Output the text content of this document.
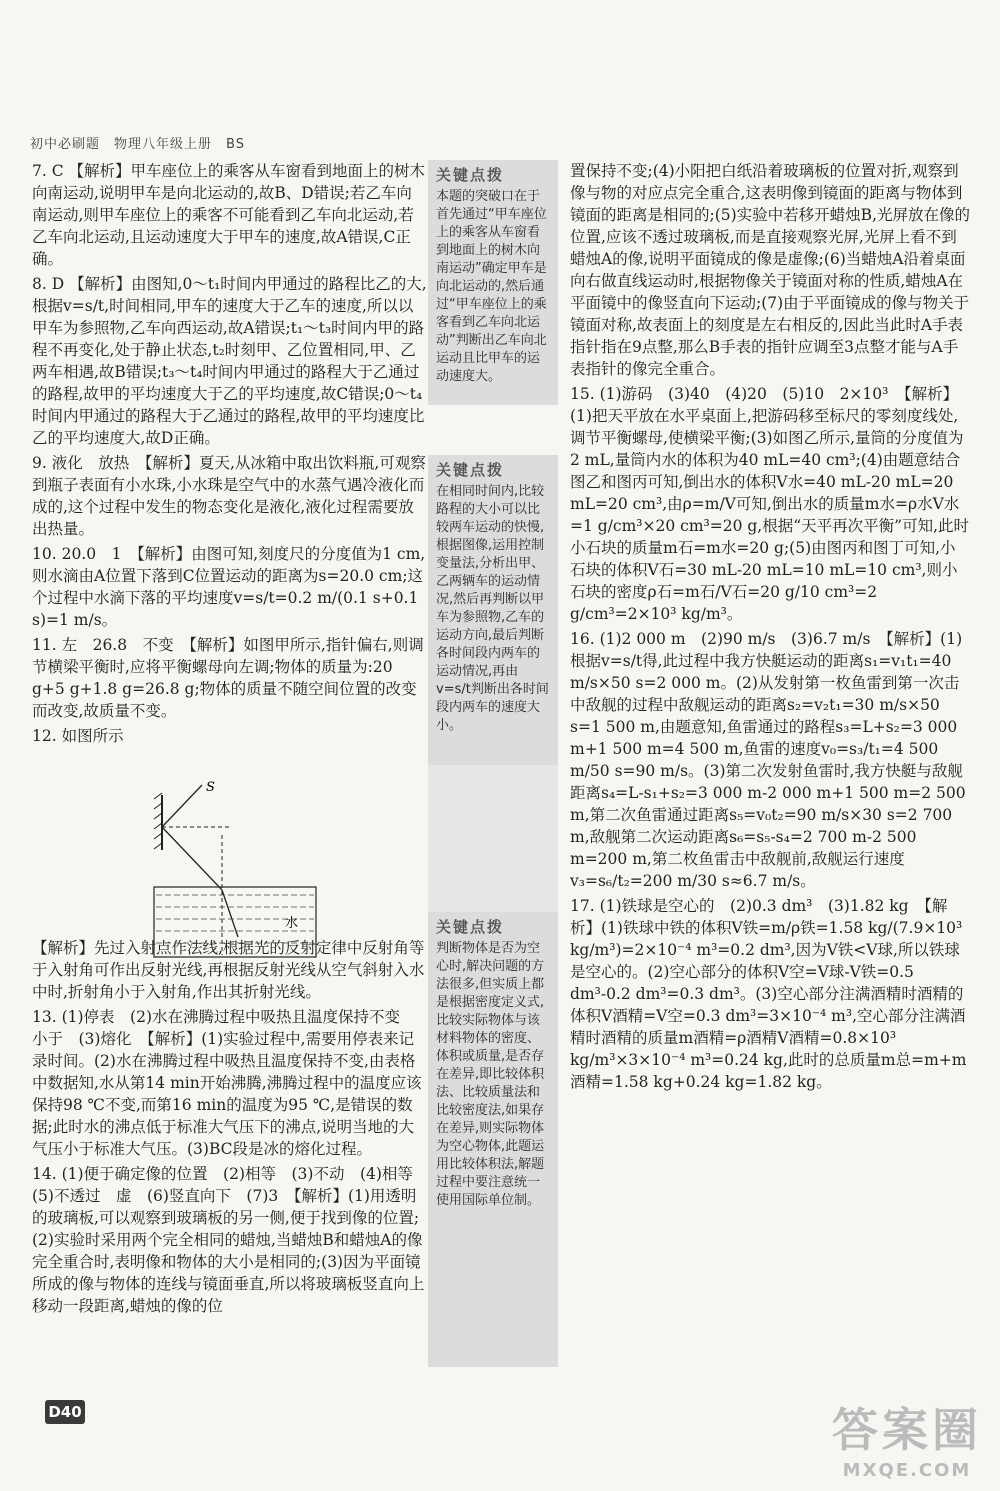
初中必刷题　物理八年级上册　BS

7. C 【解析】甲车座位上的乘客从车窗看到地面上的树木向南运动,说明甲车是向北运动的,故B、D错误;若乙车向南运动,则甲车座位上的乘客不可能看到乙车向北运动,若乙车向北运动,且运动速度大于甲车的速度,故A错误,C正确。

8. D 【解析】由图知,0～t₁时间内甲通过的路程比乙的大,根据v=s/t,时间相同,甲车的速度大于乙车的速度,所以以甲车为参照物,乙车向西运动,故A错误;t₁～t₃时间内甲的路程不再变化,处于静止状态,t₂时刻甲、乙位置相同,甲、乙两车相遇,故B错误;t₃～t₄时间内甲通过的路程大于乙通过的路程,故甲的平均速度大于乙的平均速度,故C错误;0～t₄时间内甲通过的路程大于乙通过的路程,故甲的平均速度比乙的平均速度大,故D正确。

9. 液化　放热　【解析】夏天,从冰箱中取出饮料瓶,可观察到瓶子表面有小水珠,小水珠是空气中的水蒸气遇冷液化而成的,这个过程中发生的物态变化是液化,液化过程需要放出热量。

10. 20.0　1　【解析】由图可知,刻度尺的分度值为1 cm,则水滴由A位置下落到C位置运动的距离为s=20.0 cm;这个过程中水滴下落的平均速度v=s/t=0.2 m/(0.1 s+0.1 s)=1 m/s。

11. 左　26.8　不变　【解析】如图甲所示,指针偏右,则调节横梁平衡时,应将平衡螺母向左调;物体的质量为:20 g+5 g+1.8 g=26.8 g;物体的质量不随空间位置的改变而改变,故质量不变。

12. 如图所示

【解析】先过入射点作法线,根据光的反射定律中反射角等于入射角可作出反射光线,再根据反射光线从空气斜射入水中时,折射角小于入射角,作出其折射光线。

13. (1)停表　(2)水在沸腾过程中吸热且温度保持不变　小于　(3)熔化　【解析】(1)实验过程中,需要用停表来记录时间。(2)水在沸腾过程中吸热且温度保持不变,由表格中数据知,水从第14 min开始沸腾,沸腾过程中的温度应该保持98 ℃不变,而第16 min的温度为95 ℃,是错误的数据;此时水的沸点低于标准大气压下的沸点,说明当地的大气压小于标准大气压。(3)BC段是冰的熔化过程。

14. (1)便于确定像的位置　(2)相等　(3)不动　(4)相等　(5)不透过　虚　(6)竖直向下　(7)3　【解析】(1)用透明的玻璃板,可以观察到玻璃板的另一侧,便于找到像的位置;(2)实验时采用两个完全相同的蜡烛,当蜡烛B和蜡烛A的像完全重合时,表明像和物体的大小是相同的;(3)因为平面镜所成的像与物体的连线与镜面垂直,所以将玻璃板竖直向上移动一段距离,蜡烛的像的位

S
水
关键点拨
本题的突破口在于首先通过“甲车座位上的乘客从车窗看到地面上的树木向南运动”确定甲车是向北运动的,然后通过“甲车座位上的乘客看到乙车向北运动”判断出乙车向北运动且比甲车的运动速度大。
关键点拨
在相同时间内,比较路程的大小可以比较两车运动的快慢,根据图像,运用控制变量法,分析出甲、乙两辆车的运动情况,然后再判断以甲车为参照物,乙车的运动方向,最后判断各时间段内两车的运动情况,再由v=s/t判断出各时间段内两车的速度大小。
关键点拨
判断物体是否为空心时,解决问题的方法很多,但实质上都是根据密度定义式,比较实际物体与该材料物体的密度、体积或质量,是否存在差异,即比较体积法、比较质量法和比较密度法,如果存在差异,则实际物体为空心物体,此题运用比较体积法,解题过程中要注意统一使用国际单位制。

置保持不变;(4)小阳把白纸沿着玻璃板的位置对折,观察到像与物的对应点完全重合,这表明像到镜面的距离与物体到镜面的距离是相同的;(5)实验中若移开蜡烛B,光屏放在像的位置,应该不透过玻璃板,而是直接观察光屏,光屏上看不到蜡烛A的像,说明平面镜成的像是虚像;(6)当蜡烛A沿着桌面向右做直线运动时,根据物像关于镜面对称的性质,蜡烛A在平面镜中的像竖直向下运动;(7)由于平面镜成的像与物关于镜面对称,故表面上的刻度是左右相反的,因此当此时A手表指针指在9点整,那么B手表的指针应调至3点整才能与A手表指针的像完全重合。

15. (1)游码　(3)40　(4)20　(5)10　2×10³　【解析】(1)把天平放在水平桌面上,把游码移至标尺的零刻度线处,调节平衡螺母,使横梁平衡;(3)如图乙所示,量筒的分度值为2 mL,量筒内水的体积为40 mL=40 cm³;(4)由题意结合图乙和图丙可知,倒出水的体积V水=40 mL-20 mL=20 mL=20 cm³,由ρ=m/V可知,倒出水的质量m水=ρ水V水=1 g/cm³×20 cm³=20 g,根据“天平再次平衡”可知,此时小石块的质量m石=m水=20 g;(5)由图丙和图丁可知,小石块的体积V石=30 mL-20 mL=10 mL=10 cm³,则小石块的密度ρ石=m石/V石=20 g/10 cm³=2 g/cm³=2×10³ kg/m³。

16. (1)2 000 m　(2)90 m/s　(3)6.7 m/s　【解析】(1)根据v=s/t得,此过程中我方快艇运动的距离s₁=v₁t₁=40 m/s×50 s=2 000 m。(2)从发射第一枚鱼雷到第一次击中敌舰的过程中敌舰运动的距离s₂=v₂t₁=30 m/s×50 s=1 500 m,由题意知,鱼雷通过的路程s₃=L+s₂=3 000 m+1 500 m=4 500 m,鱼雷的速度v₀=s₃/t₁=4 500 m/50 s=90 m/s。(3)第二次发射鱼雷时,我方快艇与敌舰距离s₄=L-s₁+s₂=3 000 m-2 000 m+1 500 m=2 500 m,第二次鱼雷通过距离s₅=v₀t₂=90 m/s×30 s=2 700 m,敌舰第二次运动距离s₆=s₅-s₄=2 700 m-2 500 m=200 m,第二枚鱼雷击中敌舰前,敌舰运行速度v₃=s₆/t₂=200 m/30 s≈6.7 m/s。

17. (1)铁球是空心的　(2)0.3 dm³　(3)1.82 kg　【解析】(1)铁球中铁的体积V铁=m/ρ铁=1.58 kg/(7.9×10³ kg/m³)=2×10⁻⁴ m³=0.2 dm³,因为V铁<V球,所以铁球是空心的。(2)空心部分的体积V空=V球-V铁=0.5 dm³-0.2 dm³=0.3 dm³。(3)空心部分注满酒精时酒精的体积V酒精=V空=0.3 dm³=3×10⁻⁴ m³,空心部分注满酒精时酒精的质量m酒精=ρ酒精V酒精=0.8×10³ kg/m³×3×10⁻⁴ m³=0.24 kg,此时的总质量m总=m+m酒精=1.58 kg+0.24 kg=1.82 kg。

D40	答案圈
MXQE.COM
